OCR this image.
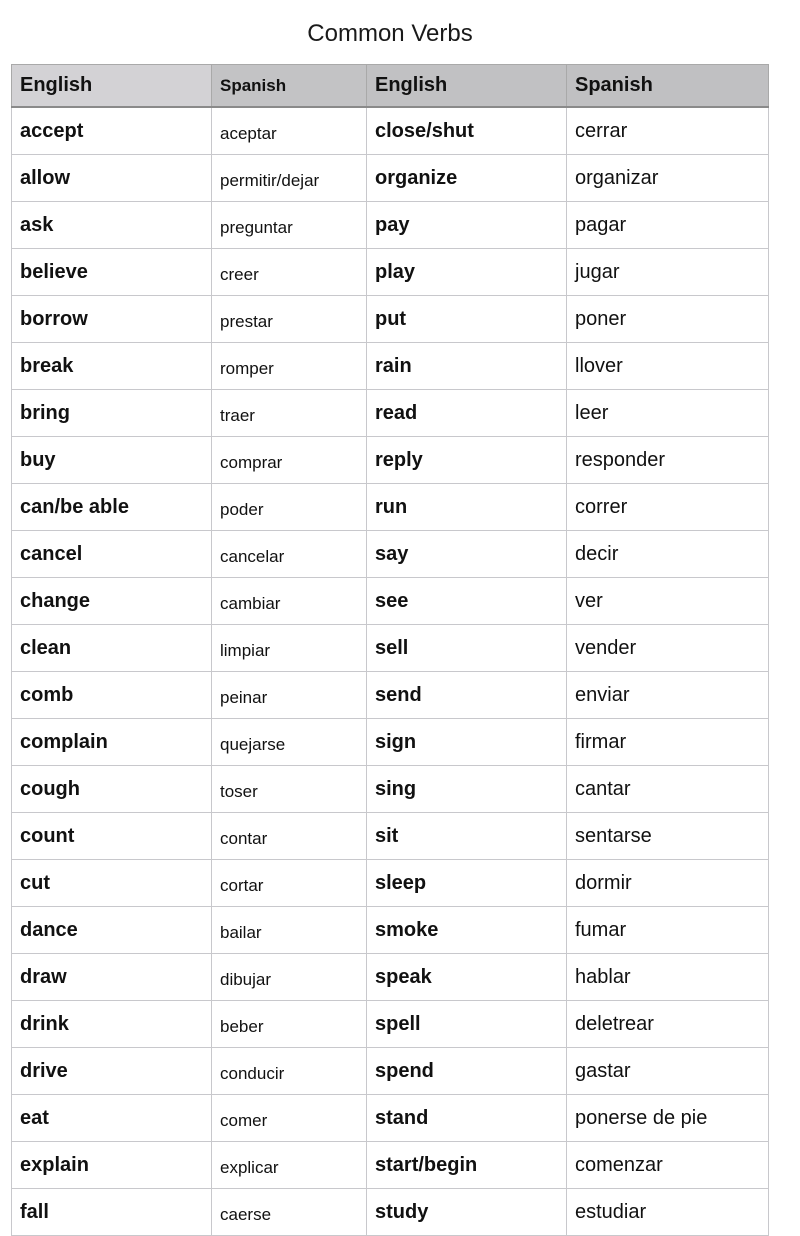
Common Verbs
English	Spanish	English	Spanish
accept	aceptar	close/shut	cerrar
allow	permitir/dejar	organize	organizar
ask	preguntar	pay	pagar
believe	creer	play	jugar
borrow	prestar	put	poner
break	romper	rain	llover
bring	traer	read	leer
buy	comprar	reply	responder
can/be able	poder	run	correr
cancel	cancelar	say	decir
change	cambiar	see	ver
clean	limpiar	sell	vender
comb	peinar	send	enviar
complain	quejarse	sign	firmar
cough	toser	sing	cantar
count	contar	sit	sentarse
cut	cortar	sleep	dormir
dance	bailar	smoke	fumar
draw	dibujar	speak	hablar
drink	beber	spell	deletrear
drive	conducir	spend	gastar
eat	comer	stand	ponerse de pie
explain	explicar	start/begin	comenzar
fall	caerse	study	estudiar
